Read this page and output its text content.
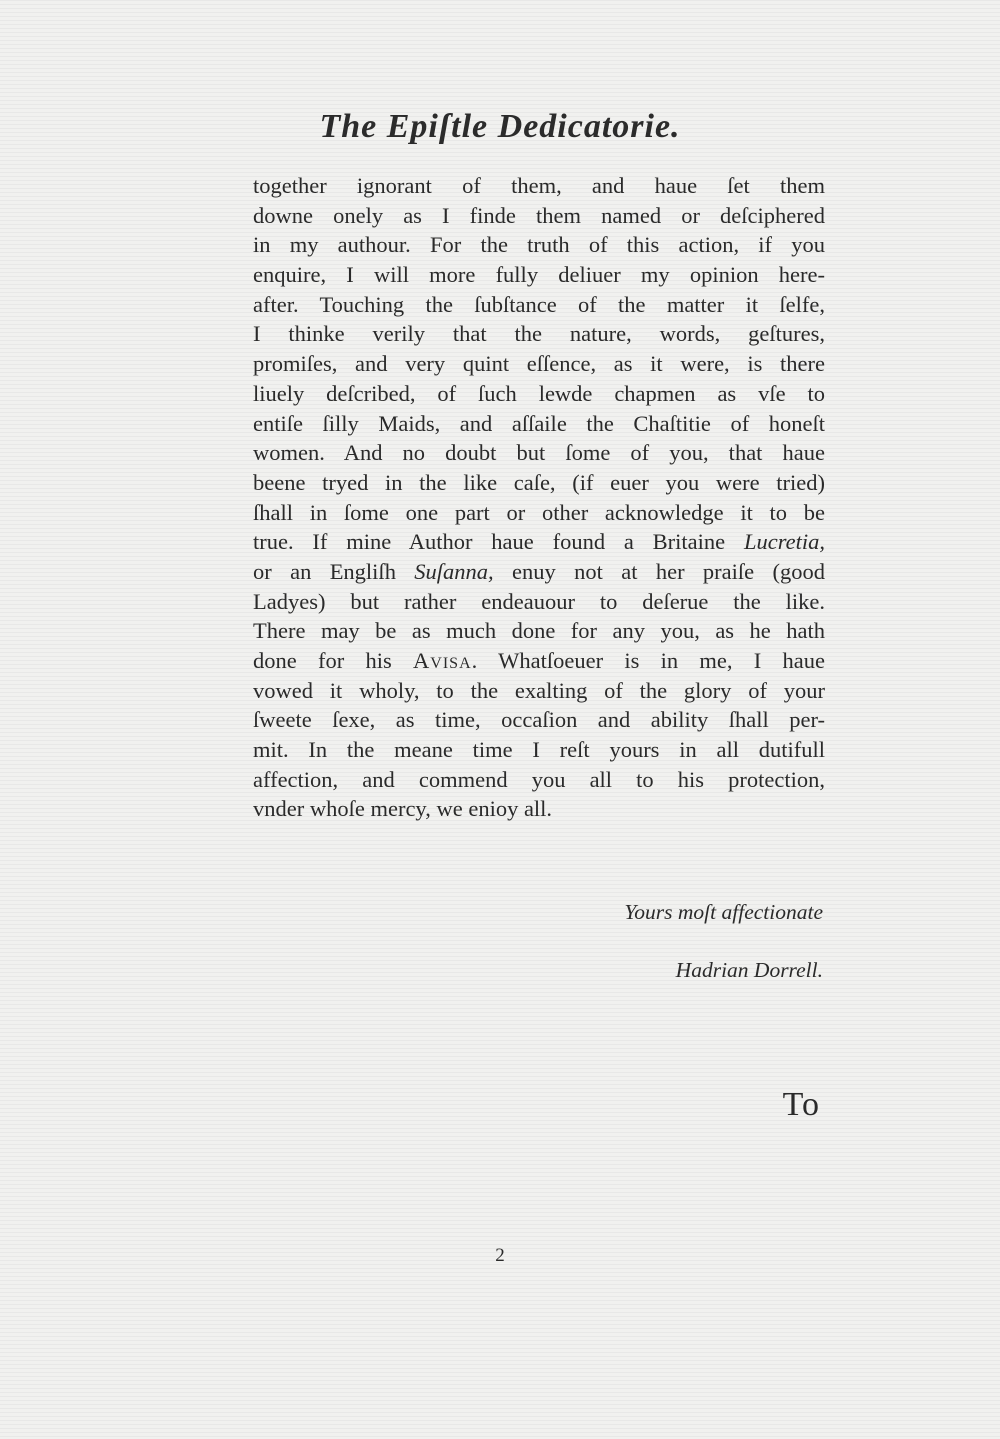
The Epiſtle Dedicatorie.
together ignorant of them, and haue ſet them
downe onely as I finde them named or deſciphered
in my authour. For the truth of this action, if you
enquire, I will more fully deliuer my opinion here-
after. Touching the ſubſtance of the matter it ſelfe,
I thinke verily that the nature, words, geſtures,
promiſes, and very quint eſſence, as it were, is there
liuely deſcribed, of ſuch lewde chapmen as vſe to
entiſe ſilly Maids, and aſſaile the Chaſtitie of honeſt
women. And no doubt but ſome of you, that haue
beene tryed in the like caſe, (if euer you were tried)
ſhall in ſome one part or other acknowledge it to be
true. If mine Author haue found a Britaine Lucretia,
or an Engliſh Suſanna, enuy not at her praiſe (good
Ladyes) but rather endeauour to deſerue the like.
There may be as much done for any you, as he hath
done for his Avisa. Whatſoeuer is in me, I haue
vowed it wholy, to the exalting of the glory of your
ſweete ſexe, as time, occaſion and ability ſhall per-
mit. In the meane time I reſt yours in all dutifull
affection, and commend you all to his protection,
vnder whoſe mercy, we enioy all.
Yours moſt affectionate
Hadrian Dorrell.
To
2
